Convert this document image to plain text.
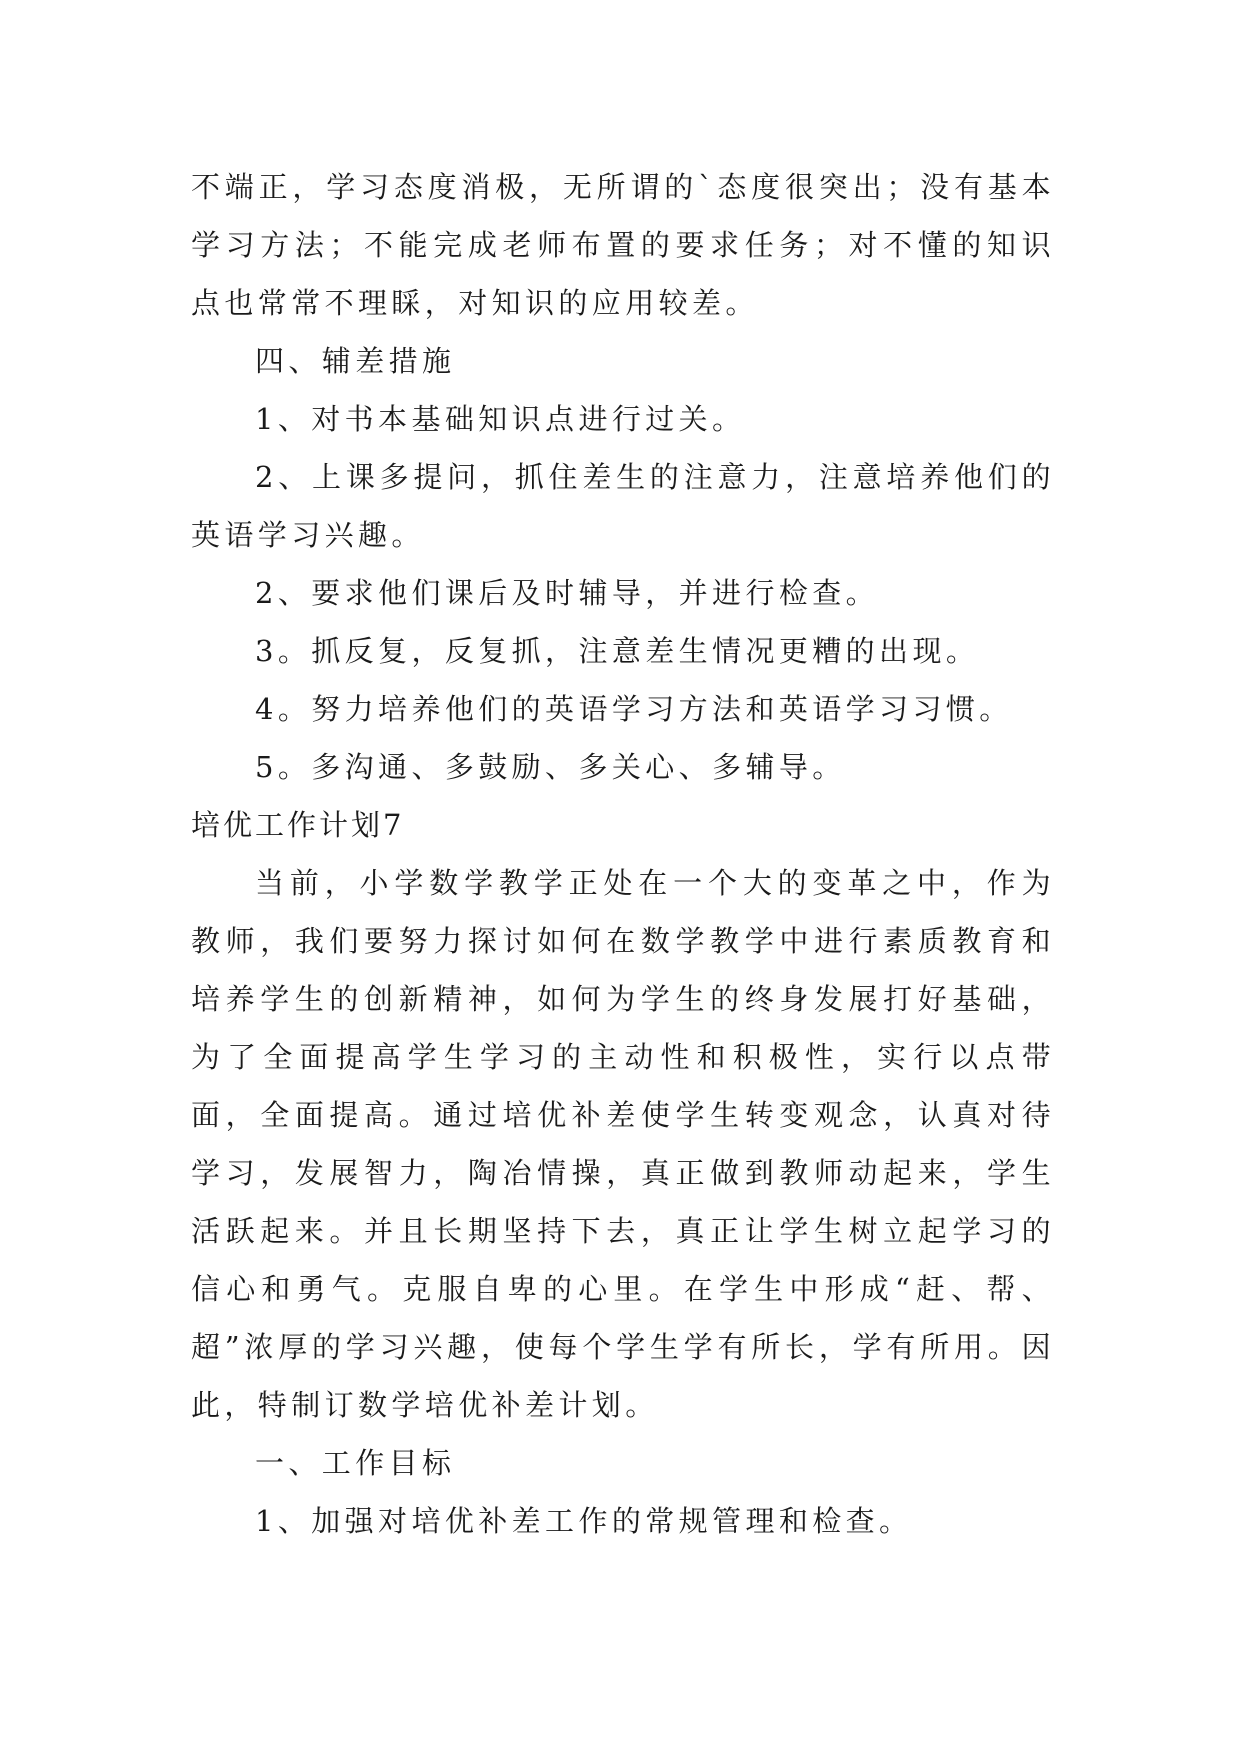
不端正，学习态度消极，无所谓的`态度很突出；没有基本学习方法；不能完成老师布置的要求任务；对不懂的知识点也常常不理睬，对知识的应用较差。

四、辅差措施

1、对书本基础知识点进行过关。

2、上课多提问，抓住差生的注意力，注意培养他们的英语学习兴趣。

2、要求他们课后及时辅导，并进行检查。

3。抓反复，反复抓，注意差生情况更糟的出现。

4。努力培养他们的英语学习方法和英语学习习惯。

5。多沟通、多鼓励、多关心、多辅导。

培优工作计划7

当前，小学数学教学正处在一个大的变革之中，作为教师，我们要努力探讨如何在数学教学中进行素质教育和培养学生的创新精神，如何为学生的终身发展打好基础，为了全面提高学生学习的主动性和积极性，实行以点带面，全面提高。通过培优补差使学生转变观念，认真对待学习，发展智力，陶冶情操，真正做到教师动起来，学生活跃起来。并且长期坚持下去，真正让学生树立起学习的信心和勇气。克服自卑的心里。在学生中形成“赶、帮、超”浓厚的学习兴趣，使每个学生学有所长，学有所用。因此，特制订数学培优补差计划。

一、工作目标

1、加强对培优补差工作的常规管理和检查。
